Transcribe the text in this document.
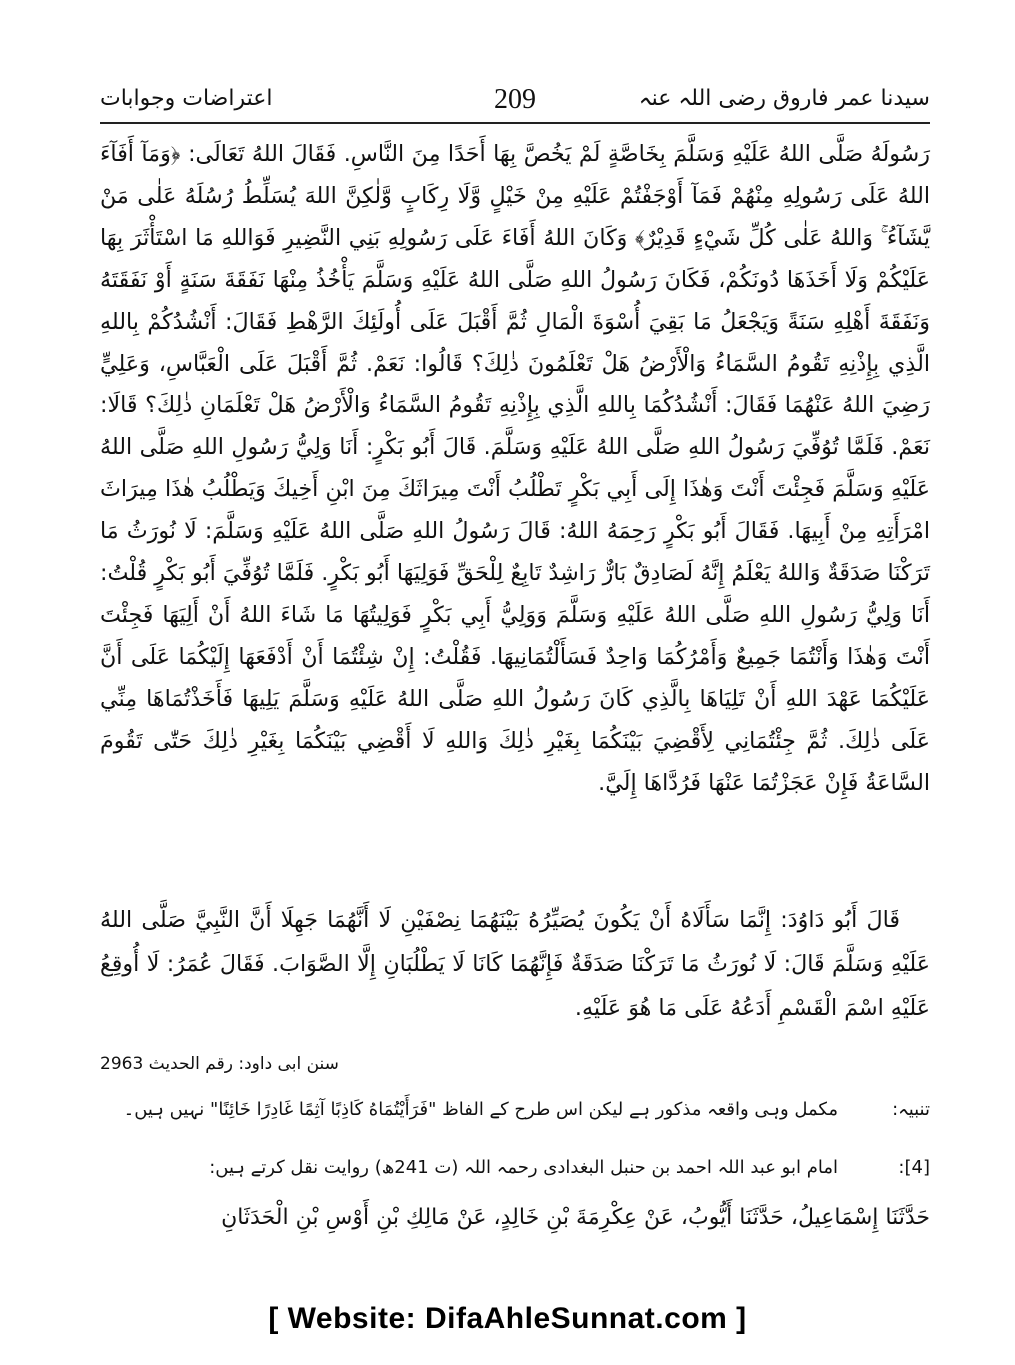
سیدنا عمر فاروق رضی اللہ عنہ
209
اعتراضات وجوابات
رَسُولَهُ صَلَّى اللهُ عَلَيْهِ وَسَلَّمَ بِخَاصَّةٍ لَمْ يَخُصَّ بِهَا أَحَدًا مِنَ النَّاسِ. فَقَالَ اللهُ تَعَالَى: ﴿وَمَآ أَفَآءَ اللهُ عَلَى رَسُولِهِ مِنْهُمْ فَمَآ أَوْجَفْتُمْ عَلَيْهِ مِنْ خَيْلٍ وَّلَا رِكَابٍ وَّلٰكِنَّ اللهَ يُسَلِّطُ رُسُلَهُ عَلٰى مَنْ يَّشَآءُ ۚ وَاللهُ عَلٰى كُلِّ شَيْءٍ قَدِيْرٌ﴾ وَكَانَ اللهُ أَفَاءَ عَلَى رَسُولِهِ بَنِي النَّضِيرِ فَوَاللهِ مَا اسْتَأْثَرَ بِهَا عَلَيْكُمْ وَلَا أَخَذَهَا دُونَكُمْ، فَكَانَ رَسُولُ اللهِ صَلَّى اللهُ عَلَيْهِ وَسَلَّمَ يَأْخُذُ مِنْهَا نَفَقَةَ سَنَةٍ أَوْ نَفَقَتَهُ وَنَفَقَةَ أَهْلِهِ سَنَةً وَيَجْعَلُ مَا بَقِيَ أُسْوَةَ الْمَالِ ثُمَّ أَقْبَلَ عَلَى أُولَئِكَ الرَّهْطِ فَقَالَ: أَنْشُدُكُمْ بِاللهِ الَّذِي بِإِذْنِهِ تَقُومُ السَّمَاءُ وَالْأَرْضُ هَلْ تَعْلَمُونَ ذٰلِكَ؟ قَالُوا: نَعَمْ. ثُمَّ أَقْبَلَ عَلَى الْعَبَّاسِ، وَعَلِيٍّ رَضِيَ اللهُ عَنْهُمَا فَقَالَ: أَنْشُدُكُمَا بِاللهِ الَّذِي بِإِذْنِهِ تَقُومُ السَّمَاءُ وَالْأَرْضُ هَلْ تَعْلَمَانِ ذٰلِكَ؟ قَالَا: نَعَمْ. فَلَمَّا تُوُفِّيَ رَسُولُ اللهِ صَلَّى اللهُ عَلَيْهِ وَسَلَّمَ. قَالَ أَبُو بَكْرٍ: أَنَا وَلِيُّ رَسُولِ اللهِ صَلَّى اللهُ عَلَيْهِ وَسَلَّمَ فَجِئْتَ أَنْتَ وَهٰذَا إِلَى أَبِي بَكْرٍ تَطْلُبُ أَنْتَ مِيرَاثَكَ مِنَ ابْنِ أَخِيكَ وَيَطْلُبُ هٰذَا مِيرَاثَ امْرَأَتِهِ مِنْ أَبِيهَا. فَقَالَ أَبُو بَكْرٍ رَحِمَهُ اللهُ: قَالَ رَسُولُ اللهِ صَلَّى اللهُ عَلَيْهِ وَسَلَّمَ: لَا نُورَثُ مَا تَرَكْنَا صَدَقَةٌ وَاللهُ يَعْلَمُ إِنَّهُ لَصَادِقٌ بَارٌّ رَاشِدٌ تَابِعٌ لِلْحَقِّ فَوَلِيَهَا أَبُو بَكْرٍ. فَلَمَّا تُوُفِّيَ أَبُو بَكْرٍ قُلْتُ: أَنَا وَلِيُّ رَسُولِ اللهِ صَلَّى اللهُ عَلَيْهِ وَسَلَّمَ وَوَلِيُّ أَبِي بَكْرٍ فَوَلِيتُهَا مَا شَاءَ اللهُ أَنْ أَلِيَهَا فَجِئْتَ أَنْتَ وَهٰذَا وَأَنْتُمَا جَمِيعٌ وَأَمْرُكُمَا وَاحِدٌ فَسَأَلْتُمَانِيهَا. فَقُلْتُ: إِنْ شِئْتُمَا أَنْ أَدْفَعَهَا إِلَيْكُمَا عَلَى أَنَّ عَلَيْكُمَا عَهْدَ اللهِ أَنْ تَلِيَاهَا بِالَّذِي كَانَ رَسُولُ اللهِ صَلَّى اللهُ عَلَيْهِ وَسَلَّمَ يَلِيهَا فَأَخَذْتُمَاهَا مِنِّي عَلَى ذٰلِكَ. ثُمَّ جِئْتُمَانِي لِأَقْضِيَ بَيْنَكُمَا بِغَيْرِ ذٰلِكَ وَاللهِ لَا أَقْضِي بَيْنَكُمَا بِغَيْرِ ذٰلِكَ حَتّٰى تَقُومَ السَّاعَةُ فَإِنْ عَجَزْتُمَا عَنْهَا فَرُدَّاهَا إِلَيَّ.
قَالَ أَبُو دَاوُدَ: إِنَّمَا سَأَلَاهُ أَنْ يَكُونَ يُصَيِّرُهُ بَيْنَهُمَا نِصْفَيْنِ لَا أَنَّهُمَا جَهِلَا أَنَّ النَّبِيَّ صَلَّى اللهُ عَلَيْهِ وَسَلَّمَ قَالَ: لَا نُورَثُ مَا تَرَكْنَا صَدَقَةٌ فَإِنَّهُمَا كَانَا لَا يَطْلُبَانِ إِلَّا الصَّوَابَ. فَقَالَ عُمَرُ: لَا أُوقِعُ عَلَيْهِ اسْمَ الْقَسْمِ أَدَعُهُ عَلَى مَا هُوَ عَلَيْهِ.
سنن ابی داود: رقم الحدیث 2963
تنبیہ:
مکمل وہی واقعہ مذکور ہے لیکن اس طرح کے الفاظ "فَرَأَيْتُمَاهُ كَاذِبًا آثِمًا غَادِرًا خَائِنًا" نہیں ہیں۔
[4]:
امام ابو عبد اللہ احمد بن حنبل البغدادی رحمہ اللہ (ت 241ھ) روایت نقل کرتے ہیں:
حَدَّثَنَا إِسْمَاعِيلُ، حَدَّثَنَا أَيُّوبُ، عَنْ عِكْرِمَةَ بْنِ خَالِدٍ، عَنْ مَالِكِ بْنِ أَوْسِ بْنِ الْحَدَثَانِ
[ Website: DifaAhleSunnat.com ]
